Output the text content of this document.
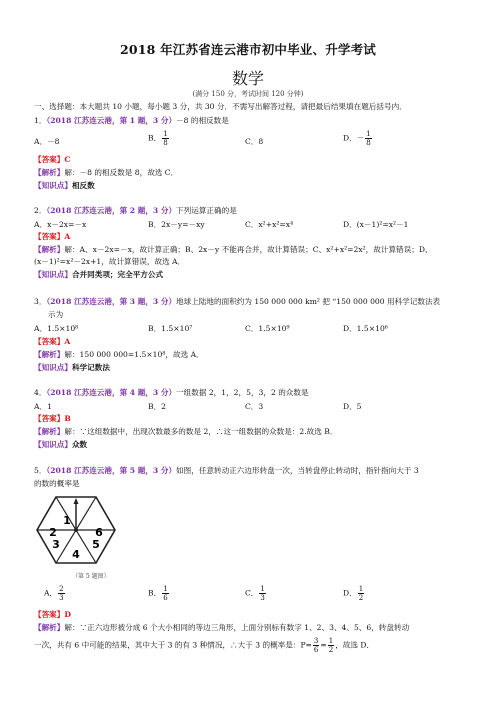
2018 年江苏省连云港市初中毕业、升学考试
数学
(满分 150 分，考试时间 120 分钟)
一、选择题：本大题共 10 小题，每小题 3 分，共 30 分．不需写出解答过程，请把最后结果填在题后括号内．
1．（2018 江苏连云港，第 1 题，3 分）－8 的相反数是
A．－8	B． $\frac{1}{8}$	C．8	D．－ $\frac{1}{8}$
【答案】C
【解析】解：－8 的相反数是 8，故选 C．
【知识点】相反数
2．（2018 江苏连云港，第 2 题，3 分）下列运算正确的是
A．x－2x=－x	B．2x－y=－xy	C．x²+x²=x⁴	D．(x－1)²=x²－1
【答案】A
【解析】解：A、x－2x=－x，故计算正确；B、2x－y 不能再合并，故计算错误；C、x²+x²=2x²，故计算错误；D、
(x－1)²=x²－2x+1，故计算错误，故选 A．
【知识点】合并同类项；完全平方公式
3．（2018 江苏连云港，第 3 题，3 分）地球上陆地的面积约为 150 000 000 km² 把 “150 000 000 用科学记数法表
示为
A．1.5×10⁸	B．1.5×10⁷	C．1.5×10⁹	D．1.5×10⁶
【答案】A
【解析】解：150 000 000=1.5×10⁸，故选 A．
【知识点】科学记数法
4．（2018 江苏连云港，第 4 题，3 分）一组数据 2，1，2，5，3，2 的众数是
A．1	B．2	C．3	D．5
【答案】B
【解析】解：∵这组数据中，出现次数最多的数是 2，∴这一组数据的众数是：2.故选 B．
【知识点】众数
5．（2018 江苏连云港，第 5 题，3 分）如图，任意转动正六边形转盘一次，当转盘停止转动时，指针指向大于 3
的数的概率是
1
2	6
3	5
4
（第 5 题图）
A． $\frac{2}{3}$	B． $\frac{1}{6}$	C． $\frac{1}{3}$	D． $\frac{1}{2}$
【答案】D
【解析】解：∵正六边形被分成 6 个大小相同的等边三角形，上面分别标有数字 1、2、3、4、5、6，转盘转动
一次，共有 6 中可能的结果，其中大于 3 的有 3 种情况，∴大于 3 的概率是：$P= \frac{3}{6} = \frac{1}{2}$ ，故选 D．
